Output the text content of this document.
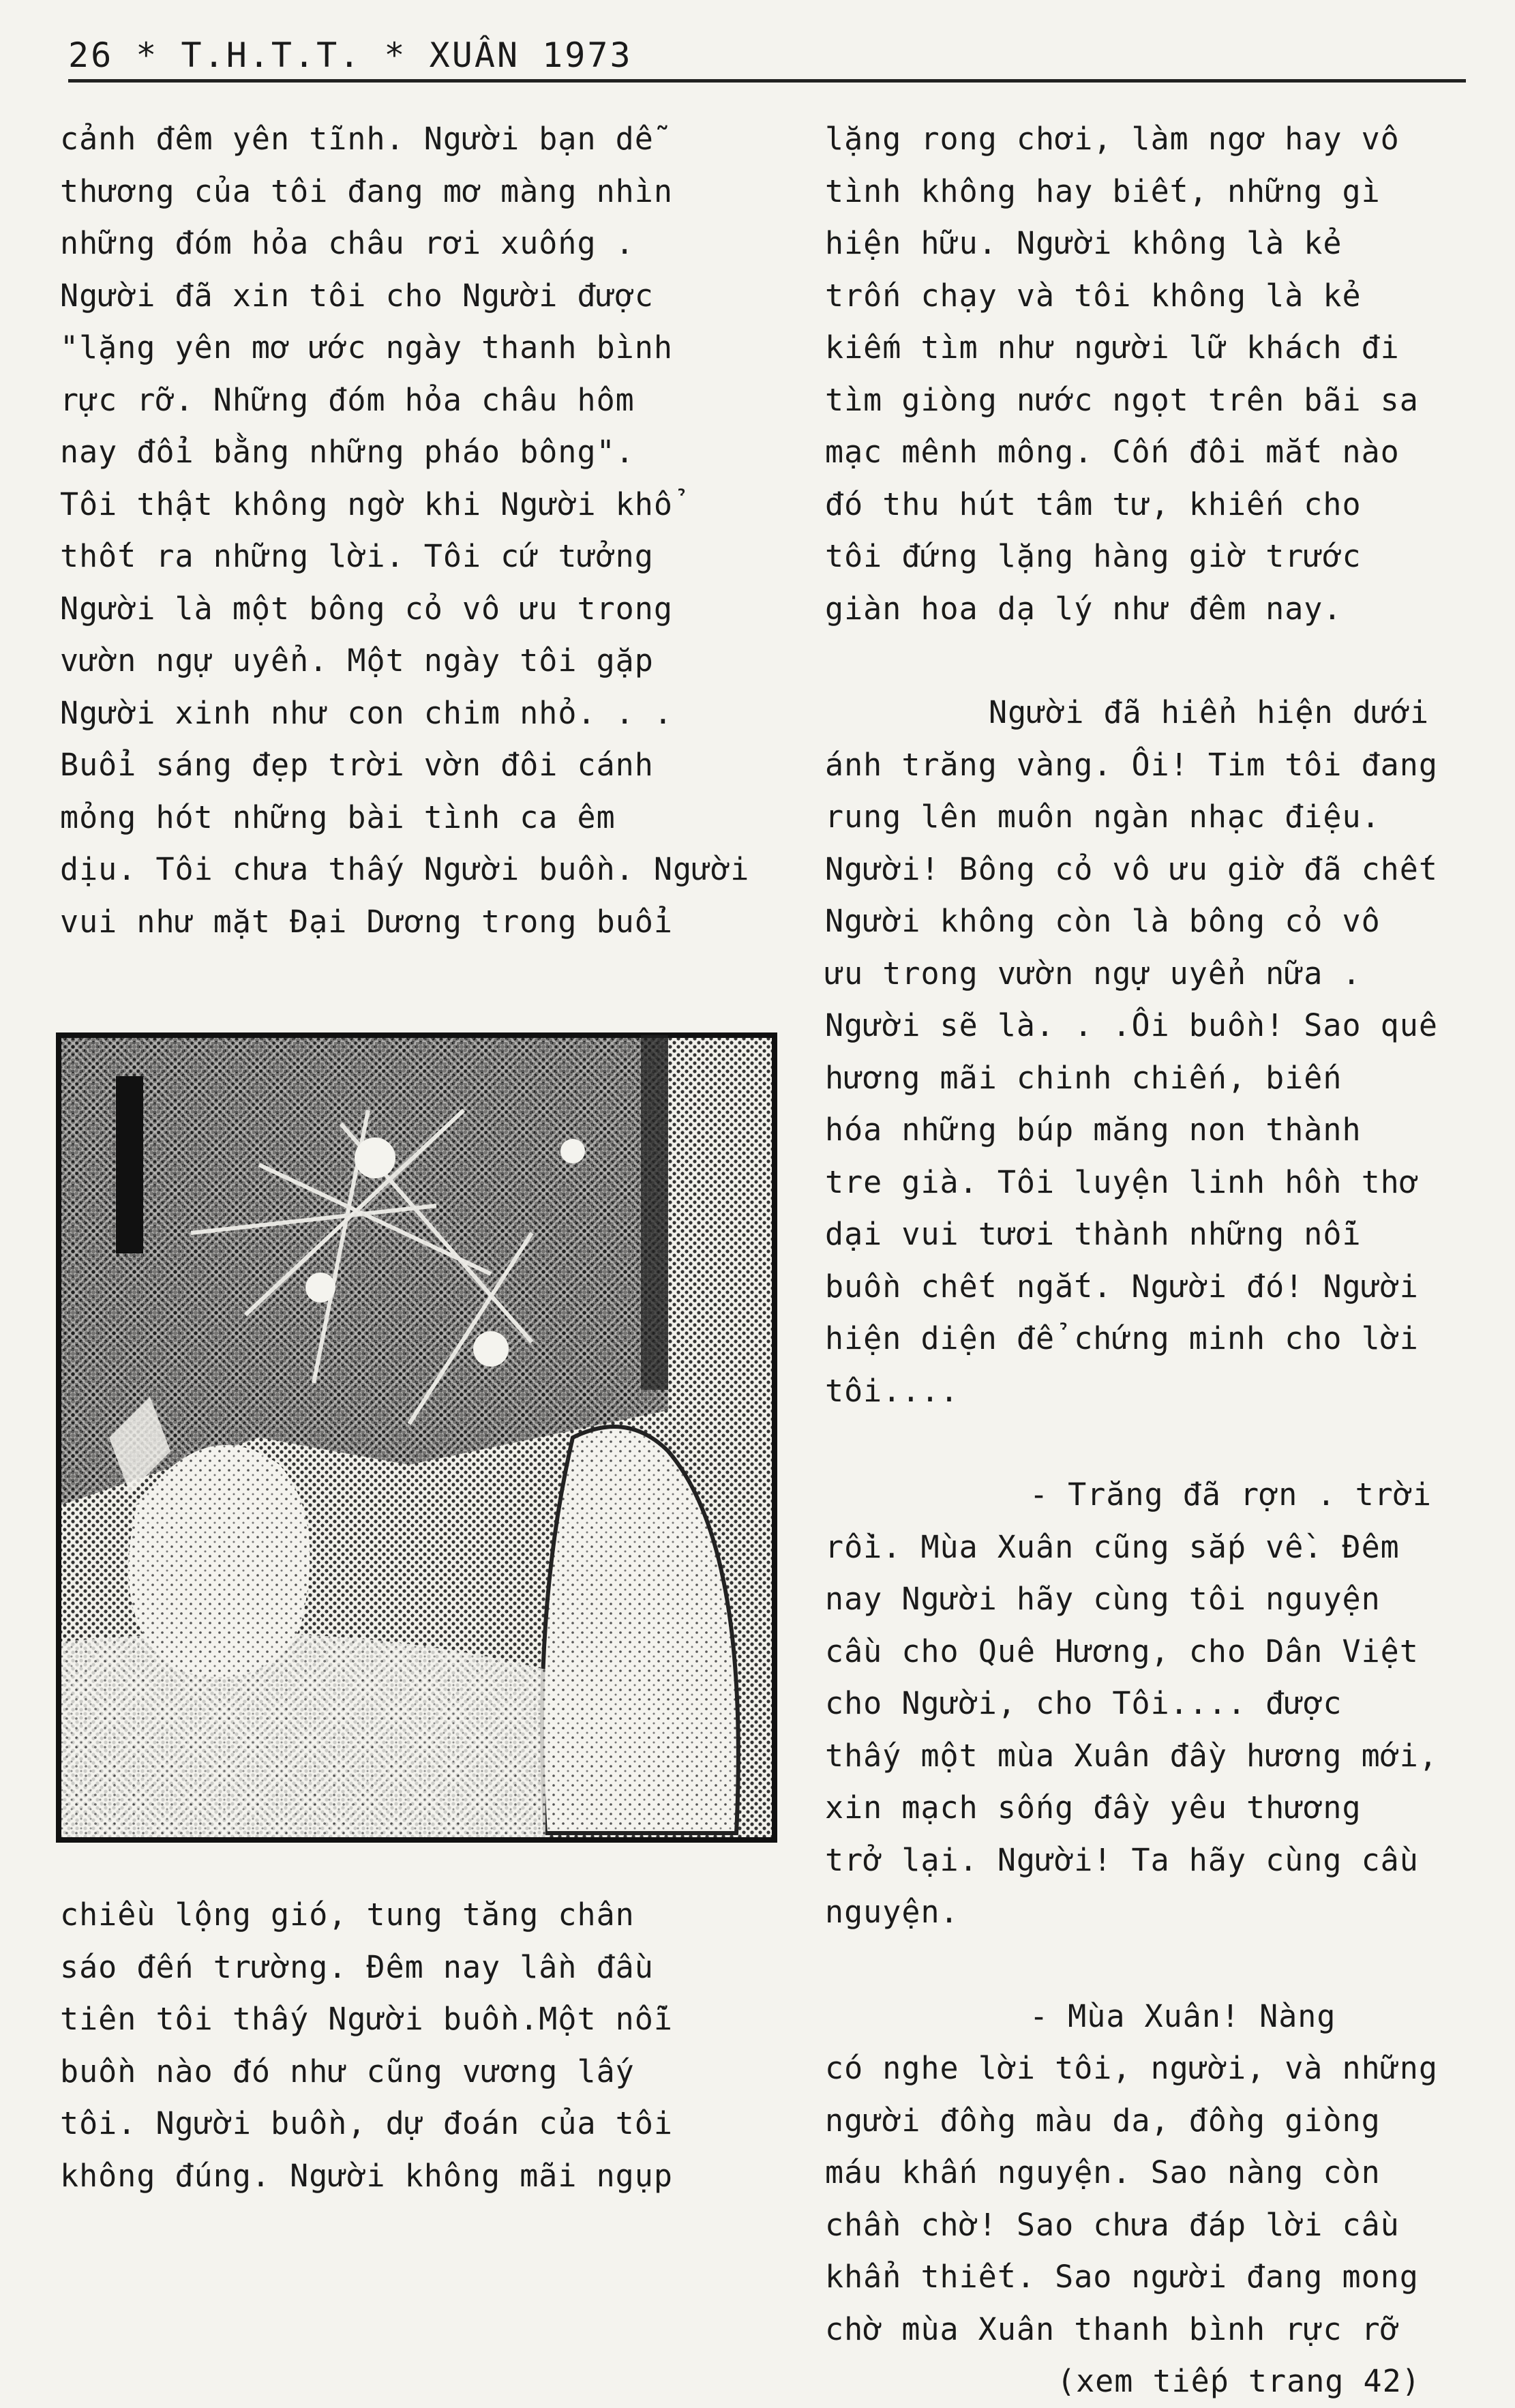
26 * T.H.T.T. * XUÂN 1973

cảnh đêm yên tĩnh. Người bạn dễ

thương của tôi đang mơ màng nhìn

những đóm hỏa châu rơi xuống .

Người đã xin tôi cho Người được

"lặng yên mơ ước ngày thanh bình

rực rỡ. Những đóm hỏa châu hôm

nay đổi bằng những pháo bông".

Tôi thật không ngờ khi Người khổ

thốt ra những lời. Tôi cứ tưởng

Người là một bông cỏ vô ưu trong

vườn ngự uyển. Một ngày tôi gặp

Người xinh như con chim nhỏ. . .

Buổi sáng đẹp trời vờn đôi cánh

mỏng hót những bài tình ca êm

dịu. Tôi chưa thấy Người buồn. Người

vui như mặt Đại Dương trong buổi

chiều lộng gió, tung tăng chân

sáo đến trường. Đêm nay lần đầu

tiên tôi thấy Người buồn.Một nỗi

buồn nào đó như cũng vương lấy

tôi. Người buồn, dự đoán của tôi

không đúng. Người không mãi ngụp

lặng rong chơi, làm ngơ hay vô

tình không hay biết, những gì

hiện hữu. Người không là kẻ

trốn chạy và tôi không là kẻ

kiếm tìm như người lữ khách đi

tìm giòng nước ngọt trên bãi sa

mạc mênh mông. Cốn đôi mắt nào

đó thu hút tâm tư, khiến cho

tôi đứng lặng hàng giờ trước

giàn hoa dạ lý như đêm nay.

Người đã hiển hiện dưới

ánh trăng vàng. Ôi! Tim tôi đang

rung lên muôn ngàn nhạc điệu.

Người! Bông cỏ vô ưu giờ đã chết

Người không còn là bông cỏ vô

ưu trong vườn ngự uyển nữa .

Người sẽ là. . .Ôi buồn! Sao quê

hương mãi chinh chiến, biến

hóa những búp măng non thành

tre già. Tôi luyện linh hồn thơ

dại vui tươi thành những nỗi

buồn chết ngắt. Người đó! Người

hiện diện để chứng minh cho lời

tôi....

- Trăng đã rợn . trời

rồi. Mùa Xuân cũng sắp về. Đêm

nay Người hãy cùng tôi nguyện

cầu cho Quê Hương, cho Dân Việt

cho Người, cho Tôi.... được

thấy một mùa Xuân đầy hương mới,

xin mạch sống đầy yêu thương

trở lại. Người! Ta hãy cùng cầu

nguyện.

- Mùa Xuân! Nàng

có nghe lời tôi, người, và những

người đồng màu da, đồng giòng

máu khấn nguyện. Sao nàng còn

chần chờ! Sao chưa đáp lời cầu

khẩn thiết. Sao người đang mong

chờ mùa Xuân thanh bình rực rỡ

(xem tiếp trang 42)
